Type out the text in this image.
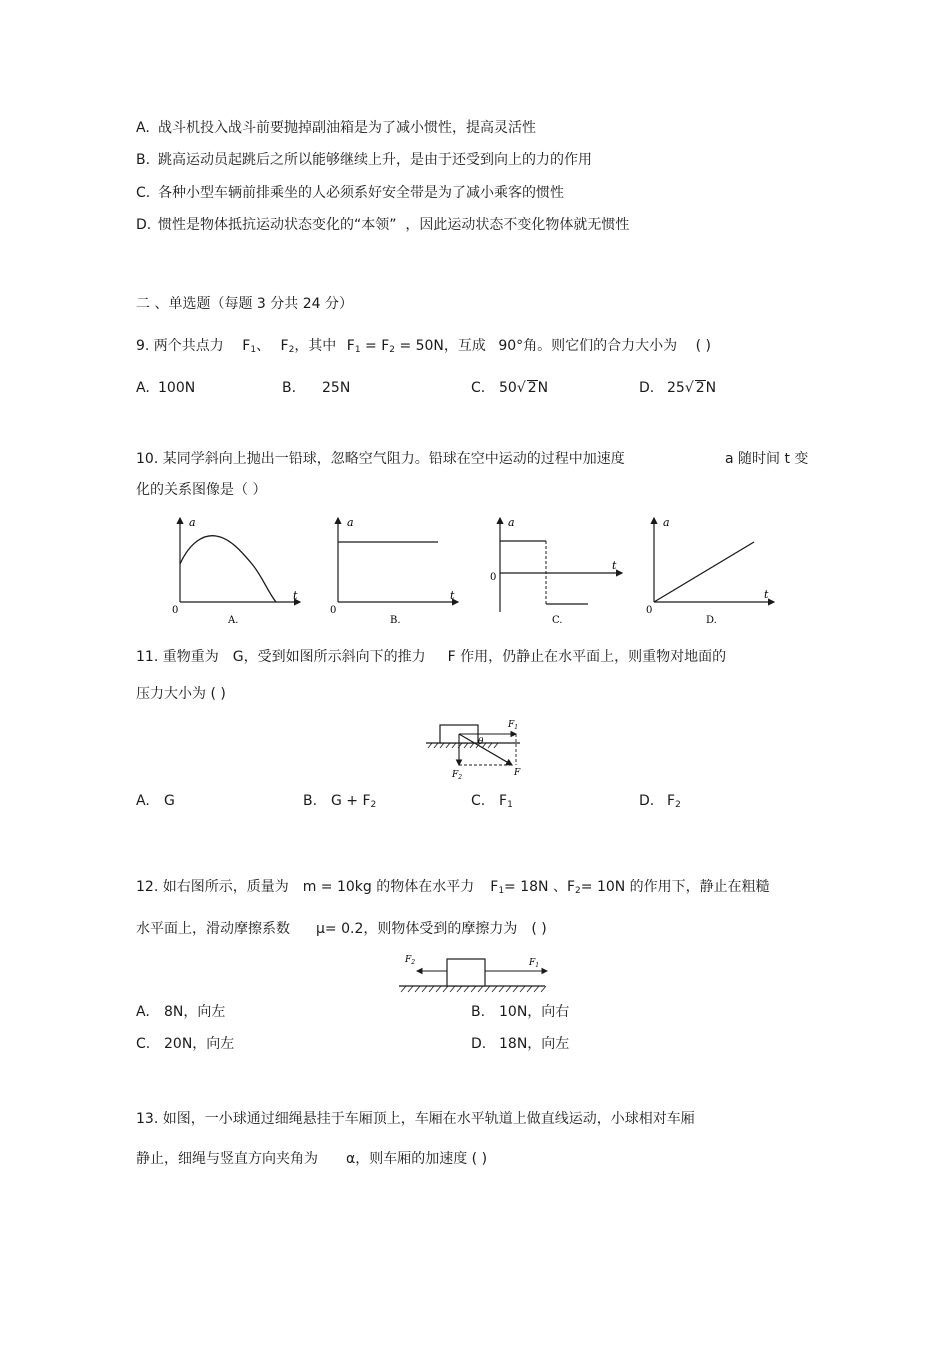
A. 战斗机投入战斗前要抛掉副油箱是为了减小惯性，提高灵活性
B. 跳高运动员起跳后之所以能够继续上升，是由于还受到向上的力的作用
C. 各种小型车辆前排乘坐的人必须系好安全带是为了减小乘客的惯性
D. 惯性是物体抵抗运动状态变化的“本领”  ，因此运动状态不变化物体就无惯性
二 、单选题（每题 3 分共 24 分）
9. 两个共点力 $F_1$、 $F_2$，其中 $F_1 = F_2 = 50N$，互成 90°角。则它们的合力大小为 ( )
A. 100N	B. 25N	C. 50√ 2N	D. 25√ 2N
10. 某同学斜向上抛出一铅球，忽略空气阻力。铅球在空中运动的过程中加速度	a 随时间 t 变
化的关系图像是（ ）
a
t
0
A.
a
t
0
B.
a
t
0
C.
a
t
0
D.
11. 重物重为 G，受到如图所示斜向下的推力 F 作用，仍静止在水平面上，则重物对地面的
压力大小为 ( )
θ
$F_1$
$F_2$	F
A. G	B. $G + F_2$	C. $F_1$	D. $F_2$
12. 如右图所示，质量为 m = 10kg 的物体在水平力 $F_1= 18N$ 、$F_2= 10N$ 的作用下，静止在粗糙
水平面上，滑动摩擦系数 μ= 0.2，则物体受到的摩擦力为 ( )
$F_1$
$F_2$
A. 8N，向左	B. 10N，向右
C. 20N，向左	D. 18N，向左
13. 如图，一小球通过细绳悬挂于车厢顶上，车厢在水平轨道上做直线运动，小球相对车厢
静止，细绳与竖直方向夹角为 α，则车厢的加速度 ( )
